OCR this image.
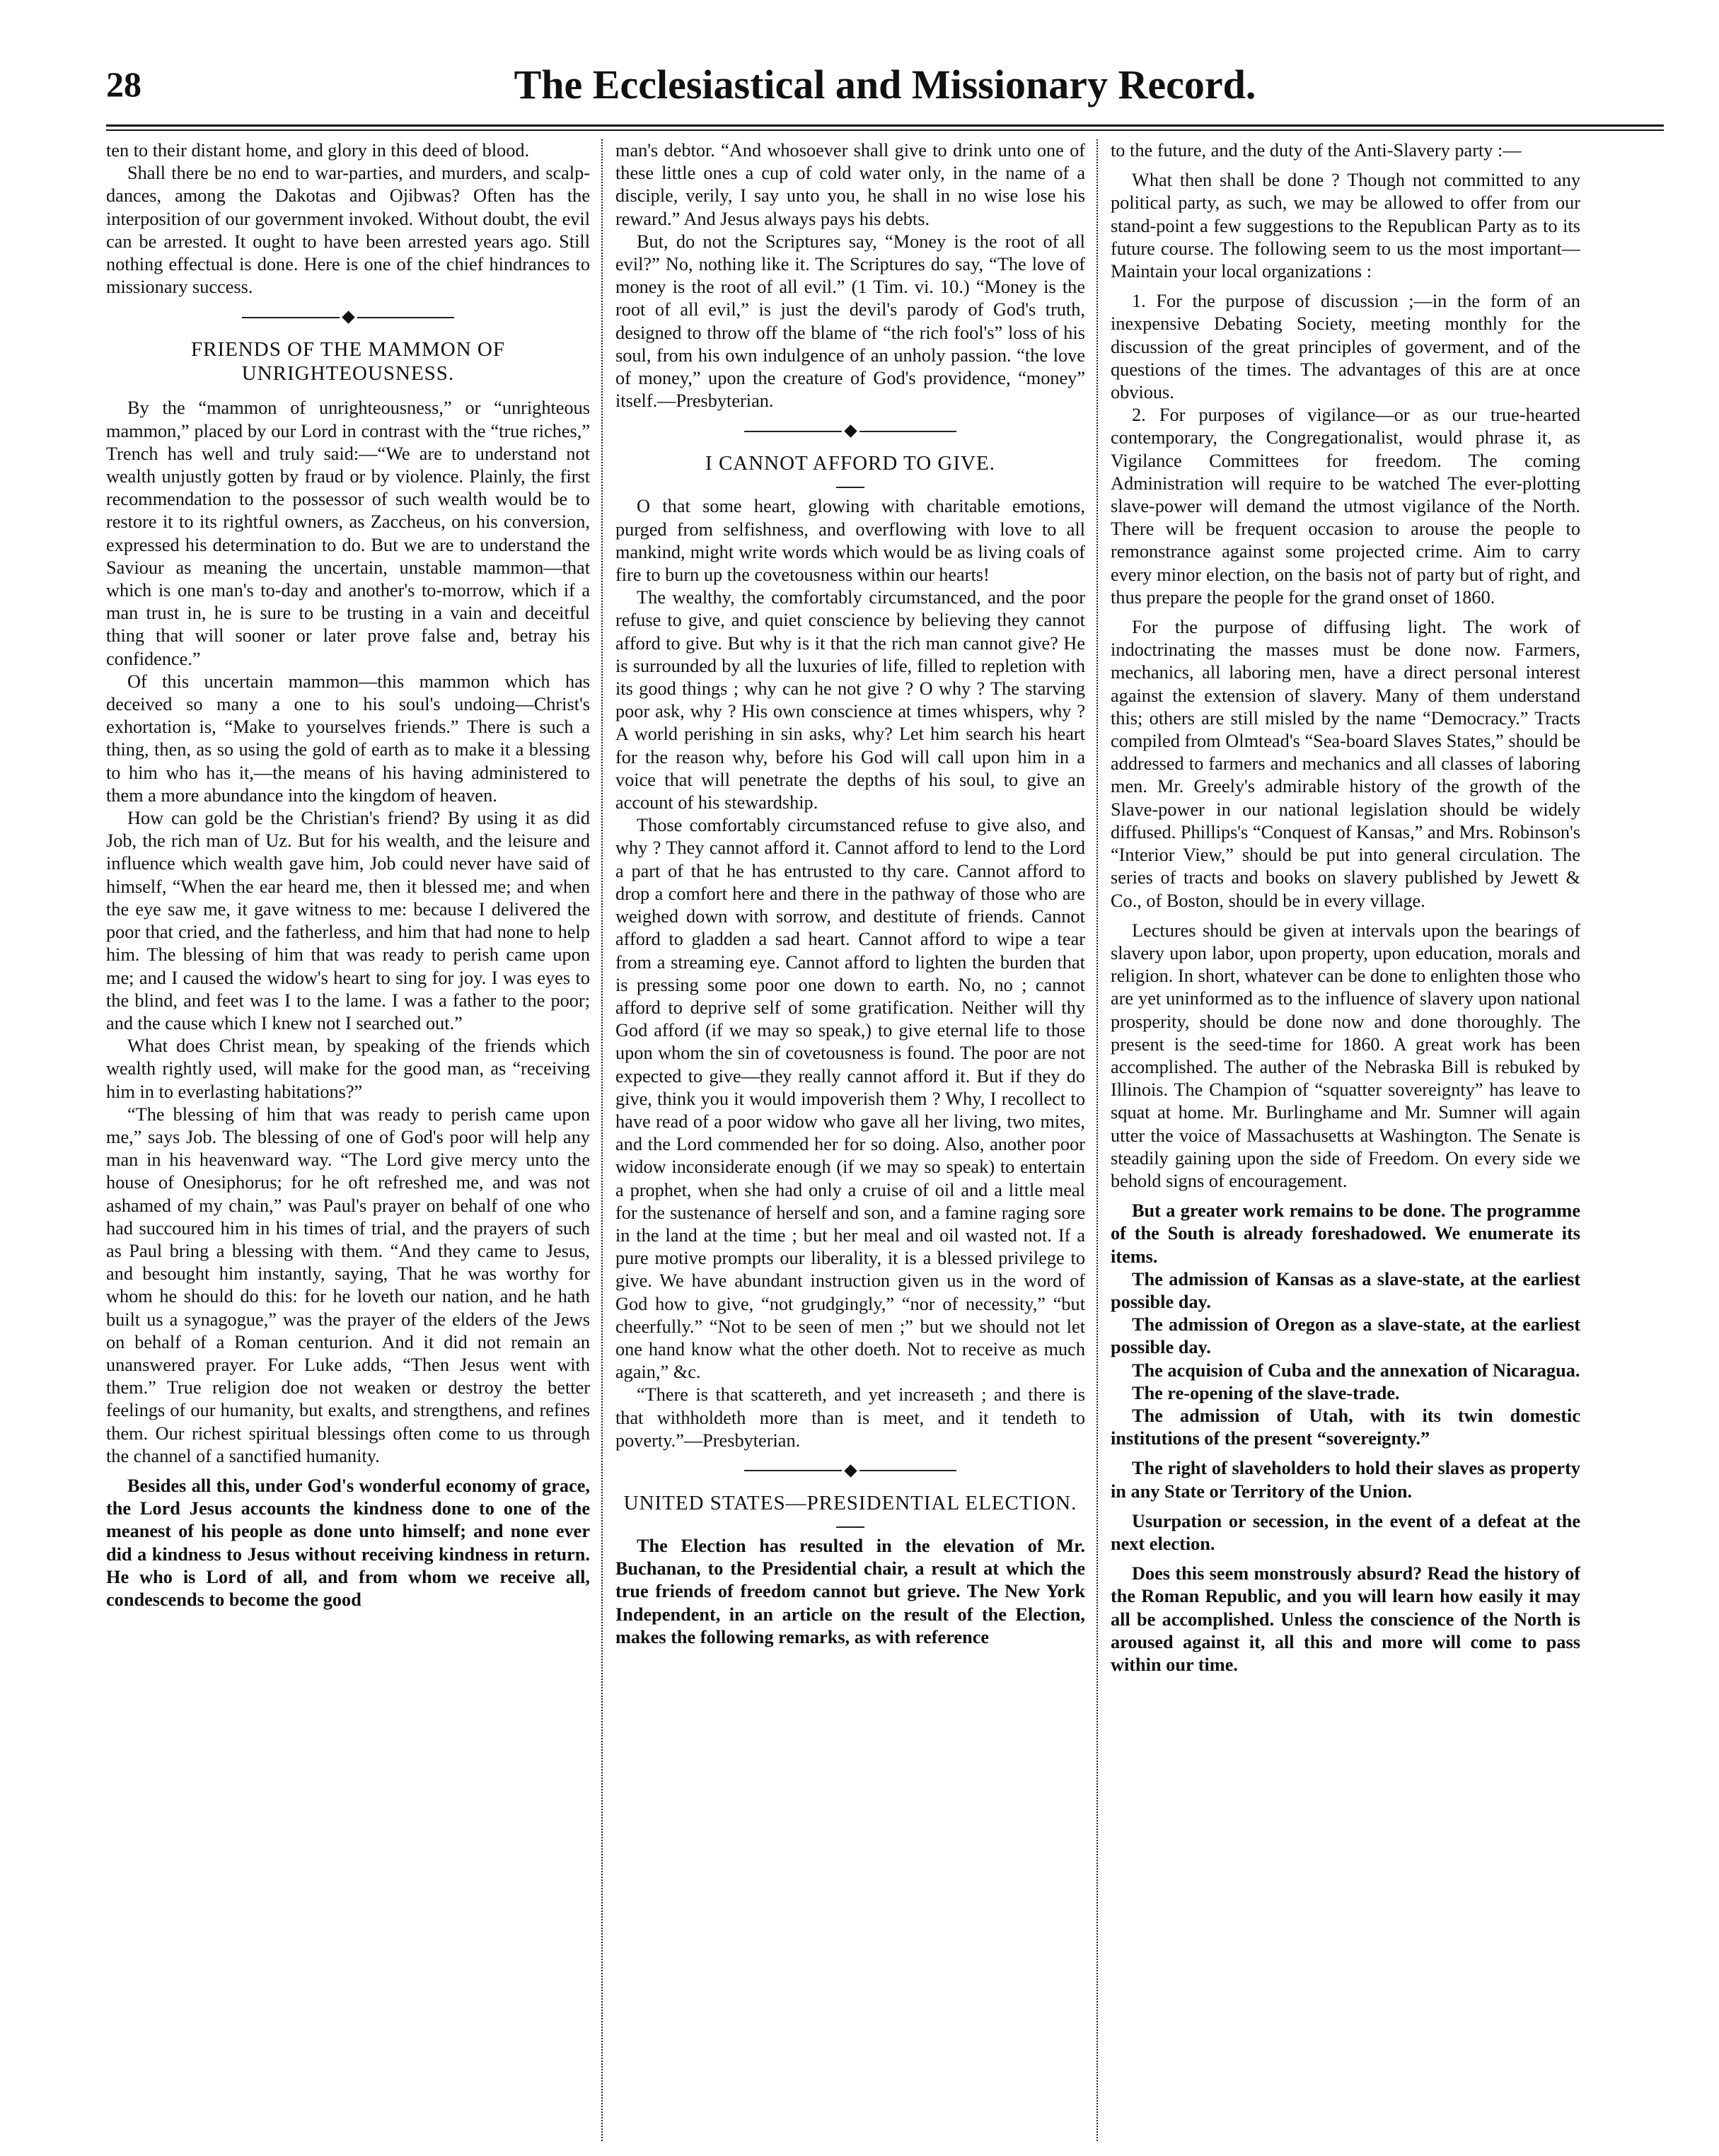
28	The Ecclesiastical and Missionary Record.

ten to their distant home, and glory in this deed of blood.

Shall there be no end to war-parties, and murders, and scalp-dances, among the Dakotas and Ojibwas? Often has the interposition of our government invoked. Without doubt, the evil can be arrested. It ought to have been arrested years ago. Still nothing effectual is done. Here is one of the chief hindrances to missionary success.

FRIENDS OF THE MAMMON OF UNRIGHTEOUSNESS.

By the “mammon of unrighteousness,” or “unrighteous mammon,” placed by our Lord in contrast with the “true riches,” Trench has well and truly said:—“We are to understand not wealth unjustly gotten by fraud or by violence. Plainly, the first recommendation to the possessor of such wealth would be to restore it to its rightful owners, as Zaccheus, on his conversion, expressed his determination to do. But we are to understand the Saviour as meaning the uncertain, unstable mammon—that which is one man's to-day and another's to-morrow, which if a man trust in, he is sure to be trusting in a vain and deceitful thing that will sooner or later prove false and, betray his confidence.”

Of this uncertain mammon—this mammon which has deceived so many a one to his soul's undoing—Christ's exhortation is, “Make to yourselves friends.” There is such a thing, then, as so using the gold of earth as to make it a blessing to him who has it,—the means of his having administered to them a more abundance into the kingdom of heaven.

How can gold be the Christian's friend? By using it as did Job, the rich man of Uz. But for his wealth, and the leisure and influence which wealth gave him, Job could never have said of himself, “When the ear heard me, then it blessed me; and when the eye saw me, it gave witness to me: because I delivered the poor that cried, and the fatherless, and him that had none to help him. The blessing of him that was ready to perish came upon me; and I caused the widow's heart to sing for joy. I was eyes to the blind, and feet was I to the lame. I was a father to the poor; and the cause which I knew not I searched out.”

What does Christ mean, by speaking of the friends which wealth rightly used, will make for the good man, as “receiving him in to everlasting habitations?”

“The blessing of him that was ready to perish came upon me,” says Job. The blessing of one of God's poor will help any man in his heavenward way. “The Lord give mercy unto the house of Onesiphorus; for he oft refreshed me, and was not ashamed of my chain,” was Paul's prayer on behalf of one who had succoured him in his times of trial, and the prayers of such as Paul bring a blessing with them. “And they came to Jesus, and besought him instantly, saying, That he was worthy for whom he should do this: for he loveth our nation, and he hath built us a synagogue,” was the prayer of the elders of the Jews on behalf of a Roman centurion. And it did not remain an unanswered prayer. For Luke adds, “Then Jesus went with them.” True religion doe not weaken or destroy the better feelings of our humanity, but exalts, and strengthens, and refines them. Our richest spiritual blessings often come to us through the channel of a sanctified humanity.

Besides all this, under God's wonderful economy of grace, the Lord Jesus accounts the kindness done to one of the meanest of his people as done unto himself; and none ever did a kindness to Jesus without receiving kindness in return. He who is Lord of all, and from whom we receive all, condescends to become the good

man's debtor. “And whosoever shall give to drink unto one of these little ones a cup of cold water only, in the name of a disciple, verily, I say unto you, he shall in no wise lose his reward.” And Jesus always pays his debts.

But, do not the Scriptures say, “Money is the root of all evil?” No, nothing like it. The Scriptures do say, “The love of money is the root of all evil.” (1 Tim. vi. 10.) “Money is the root of all evil,” is just the devil's parody of God's truth, designed to throw off the blame of “the rich fool's” loss of his soul, from his own indulgence of an unholy passion. “the love of money,” upon the creature of God's providence, “money” itself.—Presbyterian.

I CANNOT AFFORD TO GIVE.

O that some heart, glowing with charitable emotions, purged from selfishness, and overflowing with love to all mankind, might write words which would be as living coals of fire to burn up the covetousness within our hearts!

The wealthy, the comfortably circumstanced, and the poor refuse to give, and quiet conscience by believing they cannot afford to give. But why is it that the rich man cannot give? He is surrounded by all the luxuries of life, filled to repletion with its good things ; why can he not give ? O why ? The starving poor ask, why ? His own conscience at times whispers, why ? A world perishing in sin asks, why? Let him search his heart for the reason why, before his God will call upon him in a voice that will penetrate the depths of his soul, to give an account of his stewardship.

Those comfortably circumstanced refuse to give also, and why ? They cannot afford it. Cannot afford to lend to the Lord a part of that he has entrusted to thy care. Cannot afford to drop a comfort here and there in the pathway of those who are weighed down with sorrow, and destitute of friends. Cannot afford to gladden a sad heart. Cannot afford to wipe a tear from a streaming eye. Cannot afford to lighten the burden that is pressing some poor one down to earth. No, no ; cannot afford to deprive self of some gratification. Neither will thy God afford (if we may so speak,) to give eternal life to those upon whom the sin of covetousness is found. The poor are not expected to give—they really cannot afford it. But if they do give, think you it would impoverish them ? Why, I recollect to have read of a poor widow who gave all her living, two mites, and the Lord commended her for so doing. Also, another poor widow inconsiderate enough (if we may so speak) to entertain a prophet, when she had only a cruise of oil and a little meal for the sustenance of herself and son, and a famine raging sore in the land at the time ; but her meal and oil wasted not. If a pure motive prompts our liberality, it is a blessed privilege to give. We have abundant instruction given us in the word of God how to give, “not grudgingly,” “nor of necessity,” “but cheerfully.” “Not to be seen of men ;” but we should not let one hand know what the other doeth. Not to receive as much again,” &c.

“There is that scattereth, and yet increaseth ; and there is that withholdeth more than is meet, and it tendeth to poverty.”—Presbyterian.

UNITED STATES—PRESIDENTIAL ELECTION.

The Election has resulted in the elevation of Mr. Buchanan, to the Presidential chair, a result at which the true friends of freedom cannot but grieve. The New York Independent, in an article on the result of the Election, makes the following remarks, as with reference

to the future, and the duty of the Anti-Slavery party :—

What then shall be done ? Though not committed to any political party, as such, we may be allowed to offer from our stand-point a few suggestions to the Republican Party as to its future course. The following seem to us the most important—Maintain your local organizations :

1. For the purpose of discussion ;—in the form of an inexpensive Debating Society, meeting monthly for the discussion of the great principles of goverment, and of the questions of the times. The advantages of this are at once obvious.

2. For purposes of vigilance—or as our true-hearted contemporary, the Congregationalist, would phrase it, as Vigilance Committees for freedom. The coming Administration will require to be watched The ever-plotting slave-power will demand the utmost vigilance of the North. There will be frequent occasion to arouse the people to remonstrance against some projected crime. Aim to carry every minor election, on the basis not of party but of right, and thus prepare the people for the grand onset of 1860.

For the purpose of diffusing light. The work of indoctrinating the masses must be done now. Farmers, mechanics, all laboring men, have a direct personal interest against the extension of slavery. Many of them understand this; others are still misled by the name “Democracy.” Tracts compiled from Olmtead's “Sea-board Slaves States,” should be addressed to farmers and mechanics and all classes of laboring men. Mr. Greely's admirable history of the growth of the Slave-power in our national legislation should be widely diffused. Phillips's “Conquest of Kansas,” and Mrs. Robinson's “Interior View,” should be put into general circulation. The series of tracts and books on slavery published by Jewett & Co., of Boston, should be in every village.

Lectures should be given at intervals upon the bearings of slavery upon labor, upon property, upon education, morals and religion. In short, whatever can be done to enlighten those who are yet uninformed as to the influence of slavery upon national prosperity, should be done now and done thoroughly. The present is the seed-time for 1860. A great work has been accomplished. The auther of the Nebraska Bill is rebuked by Illinois. The Champion of “squatter sovereignty” has leave to squat at home. Mr. Burlinghame and Mr. Sumner will again utter the voice of Massachusetts at Washington. The Senate is steadily gaining upon the side of Freedom. On every side we behold signs of encouragement.

But a greater work remains to be done. The programme of the South is already foreshadowed. We enumerate its items.

The admission of Kansas as a slave-state, at the earliest possible day.

The admission of Oregon as a slave-state, at the earliest possible day.

The acquision of Cuba and the annexation of Nicaragua.

The re-opening of the slave-trade.

The admission of Utah, with its twin domestic institutions of the present “sovereignty.”

The right of slaveholders to hold their slaves as property in any State or Territory of the Union.

Usurpation or secession, in the event of a defeat at the next election.

Does this seem monstrously absurd? Read the history of the Roman Republic, and you will learn how easily it may all be accomplished. Unless the conscience of the North is aroused against it, all this and more will come to pass within our time.
